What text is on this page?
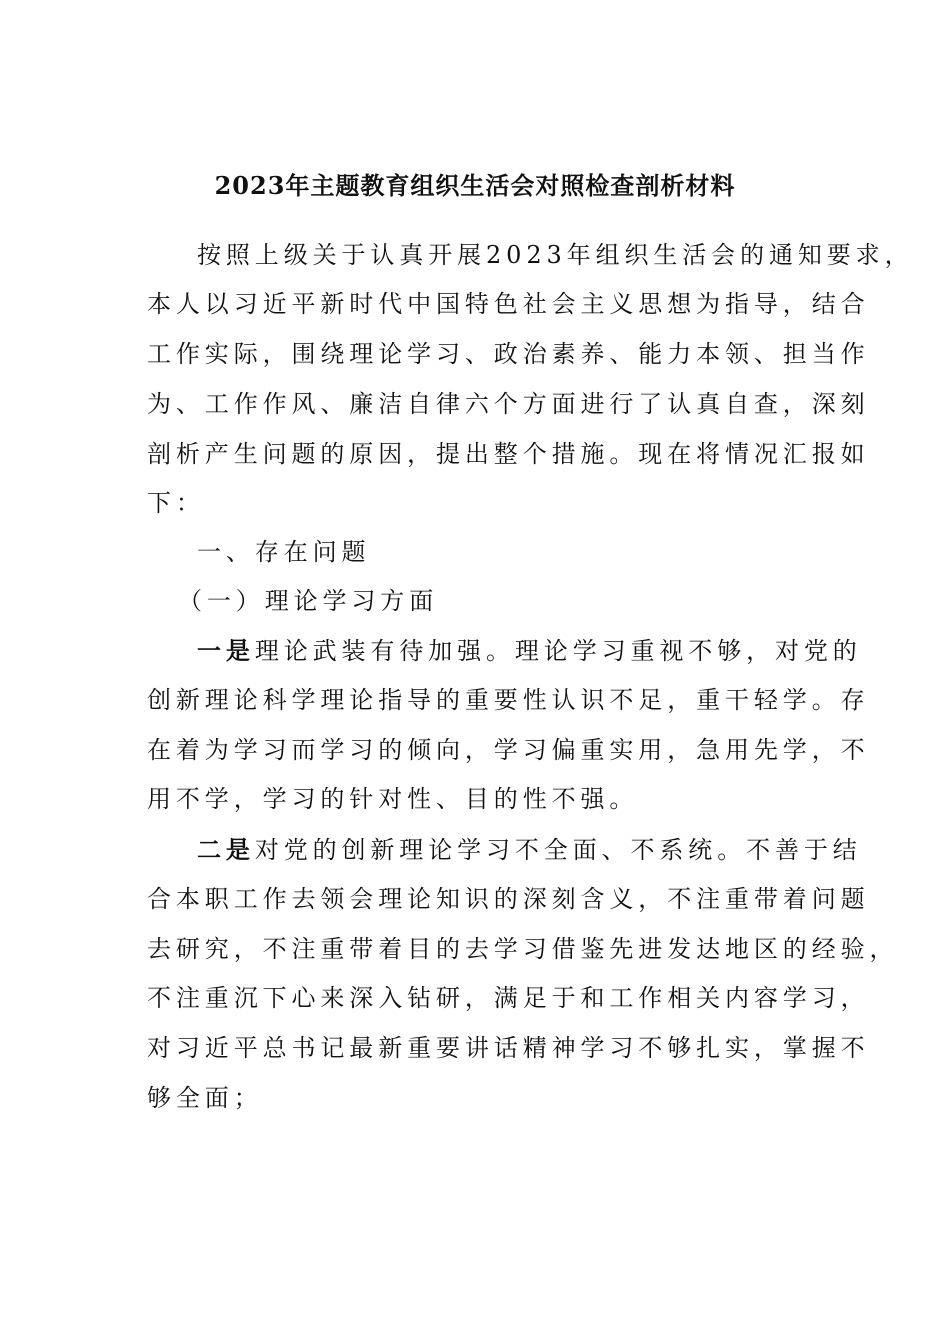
2023年主题教育组织生活会对照检查剖析材料
按照上级关于认真开展2023年组织生活会的通知要求，
本人以习近平新时代中国特色社会主义思想为指导，结合
工作实际，围绕理论学习、政治素养、能力本领、担当作
为、工作作风、廉洁自律六个方面进行了认真自查，深刻
剖析产生问题的原因，提出整个措施。现在将情况汇报如
下：
一、存在问题
（一）理论学习方面
一是理论武装有待加强。理论学习重视不够，对党的
创新理论科学理论指导的重要性认识不足，重干轻学。存
在着为学习而学习的倾向，学习偏重实用，急用先学，不
用不学，学习的针对性、目的性不强。
二是对党的创新理论学习不全面、不系统。不善于结
合本职工作去领会理论知识的深刻含义，不注重带着问题
去研究，不注重带着目的去学习借鉴先进发达地区的经验，
不注重沉下心来深入钻研，满足于和工作相关内容学习，
对习近平总书记最新重要讲话精神学习不够扎实，掌握不
够全面；
